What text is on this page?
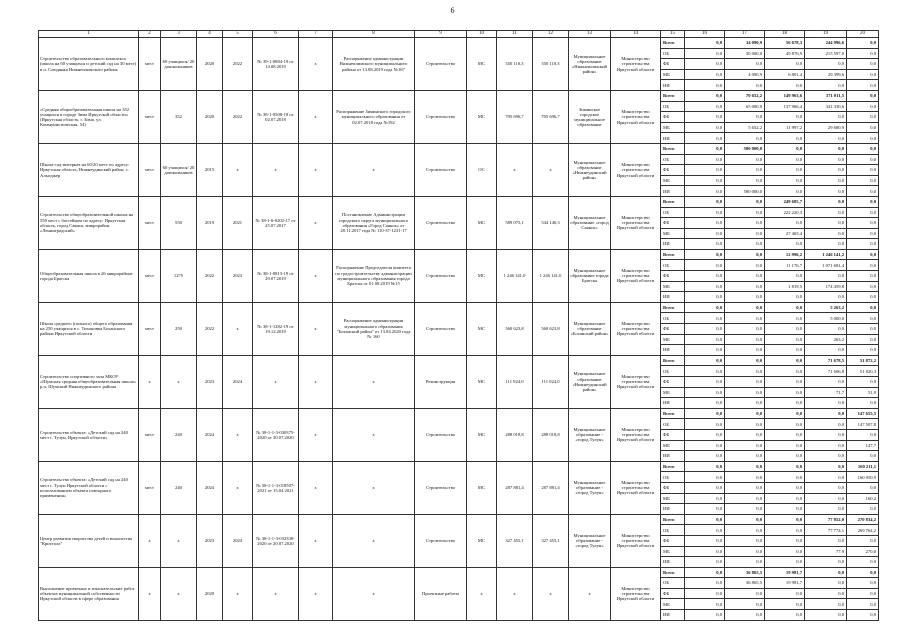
6
1	2	3	4	5	6	7	8	9	10	11	12	13	14	15	16	17	18	19	20
Строительство образовательного комплекса (школа на 60 учащихся и детский сад на 30 мест) в п. Слюдянка Нижнеилимского района	мест	60 учащихся/ 20 дошкольников	2020	2022	№ 39-1-0884-19 от 14.08.2019	х	Распоряжение администрации Нижнеилимского муниципального района от 13.08.2019 года №167	Строительство	МС	350 110,3	350 110,3	Муниципальное образование «Нижнеилимский район»	Министерство строительства Иркутской области	Всего	0,0	34 090,9	56 678,3	244 996,6	0,0
														ОБ	0,0	30 000,0	49 876,9	215 597,0	0,0
														ФБ	0,0	0,0	0,0	0,0	0,0
														МБ	0,0	4 090,9	6 801,4	29 399,6	0,0
														ИИ	0,0	0,0	0,0	0,0	0,0
«Средняя общеобразовательная школа на 352 учащихся в городе Зима Иркутской области» (Иркутская область, г. Зима, ул. Коммунистическая, 54)	мест	352	2020	2022	№ 38-1-0508-18 от 02.07.2018	х	Распоряжение Зиминского городского муниципального образования от 02.07.2018 года №192	Строительство	МС	705 696,7	705 696,7	Зиминское городское муниципальное образование	Министерство строительства Иркутской области	Всего	0,0	70 652,2	149 963,6	371 011,5	0,0
														ОБ	0,0	65 000,0	137 966,4	341 330,6	0,0
														ФБ	0,0	0,0	0,0	0,0	0,0
														МБ	0,0	5 652,2	11 997,2	29 680,9	0,0
														ИИ	0,0	0,0	0,0	0,0	0,0
Школа-сад-интернат на 60/20 мест по адресу: Иркутская область, Нижнеудинский район, с. Алыгджер	мест	60 учащихся/ 20 дошкольников	2015	х	х	х	х	Строительство	ОС	х	х	Муниципальное образование «Нижнеудинский район»	Министерство строительства Иркутской области	Всего	0,0	580 000,0	0,0	0,0	0,0
														ОБ	0,0	0,0	0,0	0,0	0,0
														ФБ	0,0	0,0	0,0	0,0	0,0
														МБ	0,0	0,0	0,0	0,0	0,0
														ИИ	0,0	580 000,0	0,0	0,0	0,0
Строительство общеобразовательной школы на 550 мест с бассейном по адресу: Иркутская область, город Саянск, микрорайон «Ленинградский»	мест	550	2019	2021	№ 38-1-6-0202-17 от 25.07.2017	х	Постановление Администрации городского округа муниципального образования «Город Саянск» от 28.11.2017 года № 110-37-1231-17	Строительство	МС	589 075,1	544 140,3	Муниципальное образование «город Саянск»	Министерство строительства Иркутской области	Всего	0,0	0,0	249 685,7	0,0	0,0
														ОБ	0,0	0,0	222 220,3	0,0	0,0
														ФБ	0,0	0,0	0,0	0,0	0,0
														МБ	0,0	0,0	27 465,4	0,0	0,0
														ИИ	0,0	0,0	0,0	0,0	0,0
Общеобразовательная школа в 26 микрорайоне города Братска	мест	1275	2022	2023	№ 38-1-0813-19 от 29.07.2019	х	Распоряжение Председателя комитета по градостроительству администрации муниципального образования города Братска от 01.08.2019 №15	Строительство	МС	1 246 141,0	1 246 141,0	Муниципальное образование города Братска	Министерство строительства Иркутской области	Всего	0,0	0,0	12 996,2	1 246 141,2	0,0
														ОБ	0,0	0,0	11 176,7	1 071 681,4	0,0
														ФБ	0,0	0,0	0,0	0,0	0,0
														МБ	0,0	0,0	1 819,5	174 459,8	0,0
														ИИ	0,0	0,0	0,0	0,0	0,0
Школа среднего (полного) общего образования на 250 учащихся в с. Тихоновка Боханского района Иркутской области	мест	250	2022	х	№ 38-1-1282-19 от 19.12.2019	х	Распоряжение администрации муниципального образования "Боханский район" от 13.04.2020 года № 160	Строительство	МС	560 623,8	560 623,8	Муниципальное образование «Боханский район»	Министерство строительства Иркутской области	Всего	0,0	0,0	0,0	5 263,2	0,0
														ОБ	0,0	0,0	0,0	5 000,0	0,0
														ФБ	0,0	0,0	0,0	0,0	0,0
														МБ	0,0	0,0	0,0	263,2	0,0
														ИИ	0,0	0,0	0,0	0,0	0,0
Строительство спортивного зала МКОУ «Шумская средняя общеобразовательная школа» р.п. Шумский Нижнеудинского района	х	х	2023	2024	х	х	х	Реконструкция	МС	111 024,0	111 024,0	Муниципальное образование «Нижнеудинский район»	Министерство строительства Иркутской области	Всего	0,0	0,0	0,0	71 678,5	51 872,2
														ОБ	0,0	0,0	0,0	71 606,8	51 820,3
														ФБ	0,0	0,0	0,0	0,0	0,0
														МБ	0,0	0,0	0,0	71,7	51,9
														ИИ	0,0	0,0	0,0	0,0	0,0
Строительство объекта: «Детский сад на 240 мест г. Тулун, Иркутской области»	мест	240	2024	х	№ 38-1-1-3-030375-2020 от 30.07.2020	х	х	Строительство	МС	288 018,8	288 018,8	Муниципальное образование - «город Тулун»	Министерство строительства Иркутской области	Всего	0,0	0,0	0,0	0,0	147 655,5
														ОБ	0,0	0,0	0,0	0,0	147 507,8
														ФБ	0,0	0,0	0,0	0,0	0,0
														МБ	0,0	0,0	0,0	0,0	147,7
														ИИ	0,0	0,0	0,0	0,0	0,0
Строительство объекта: «Детский сад на 240 мест г. Тулун Иркутской области с использованием объекта повторного применения»	мест	240	2024	х	№ 38-1-1-3-018507-2021 от 15.04.2021	х	х	Строительство	МС	287 881,4	287 881,4	Муниципальное образование - «город Тулун»	Министерство строительства Иркутской области	Всего	0,0	0,0	0,0	0,0	160 211,1
														ОБ	0,0	0,0	0,0	0,0	160 050,9
														ФБ	0,0	0,0	0,0	0,0	0,0
														МБ	0,0	0,0	0,0	0,0	160,2
														ИИ	0,0	0,0	0,0	0,0	0,0
Центр развития творчества детей и юношества "Кристалл"	х	х	2023	2024	№ 38-1-1-3-032338-2020 от 20.07.2020	х	х	Строительство	МС	327 455,1	327 455,1	Муниципальное образование - «город Тулун»	Министерство строительства Иркутской области	Всего	0,0	0,0	0,0	77 852,0	270 834,2
														ОБ	0,0	0,0	0,0	77 774,1	269 764,2
														ФБ	0,0	0,0	0,0	0,0	0,0
														МБ	0,0	0,0	0,0	77,9	270,0
														ИИ	0,0	0,0	0,0	0,0	0,0
Выполнение проектных и изыскательских работ объектов муниципальной собственности Иркутской области в сфере образования	х	х	2020	х	х	х	х	Проектные работы	х	х	х	х	Министерство строительства Иркутской области	Всего	0,0	36 865,5	19 981,7	0,0	0,0
														ОБ	0,0	36 865,5	19 981,7	0,0	0,0
														ФБ	0,0	0,0	0,0	0,0	0,0
														МБ	0,0	0,0	0,0	0,0	0,0
														ИИ	0,0	0,0	0,0	0,0	0,0
